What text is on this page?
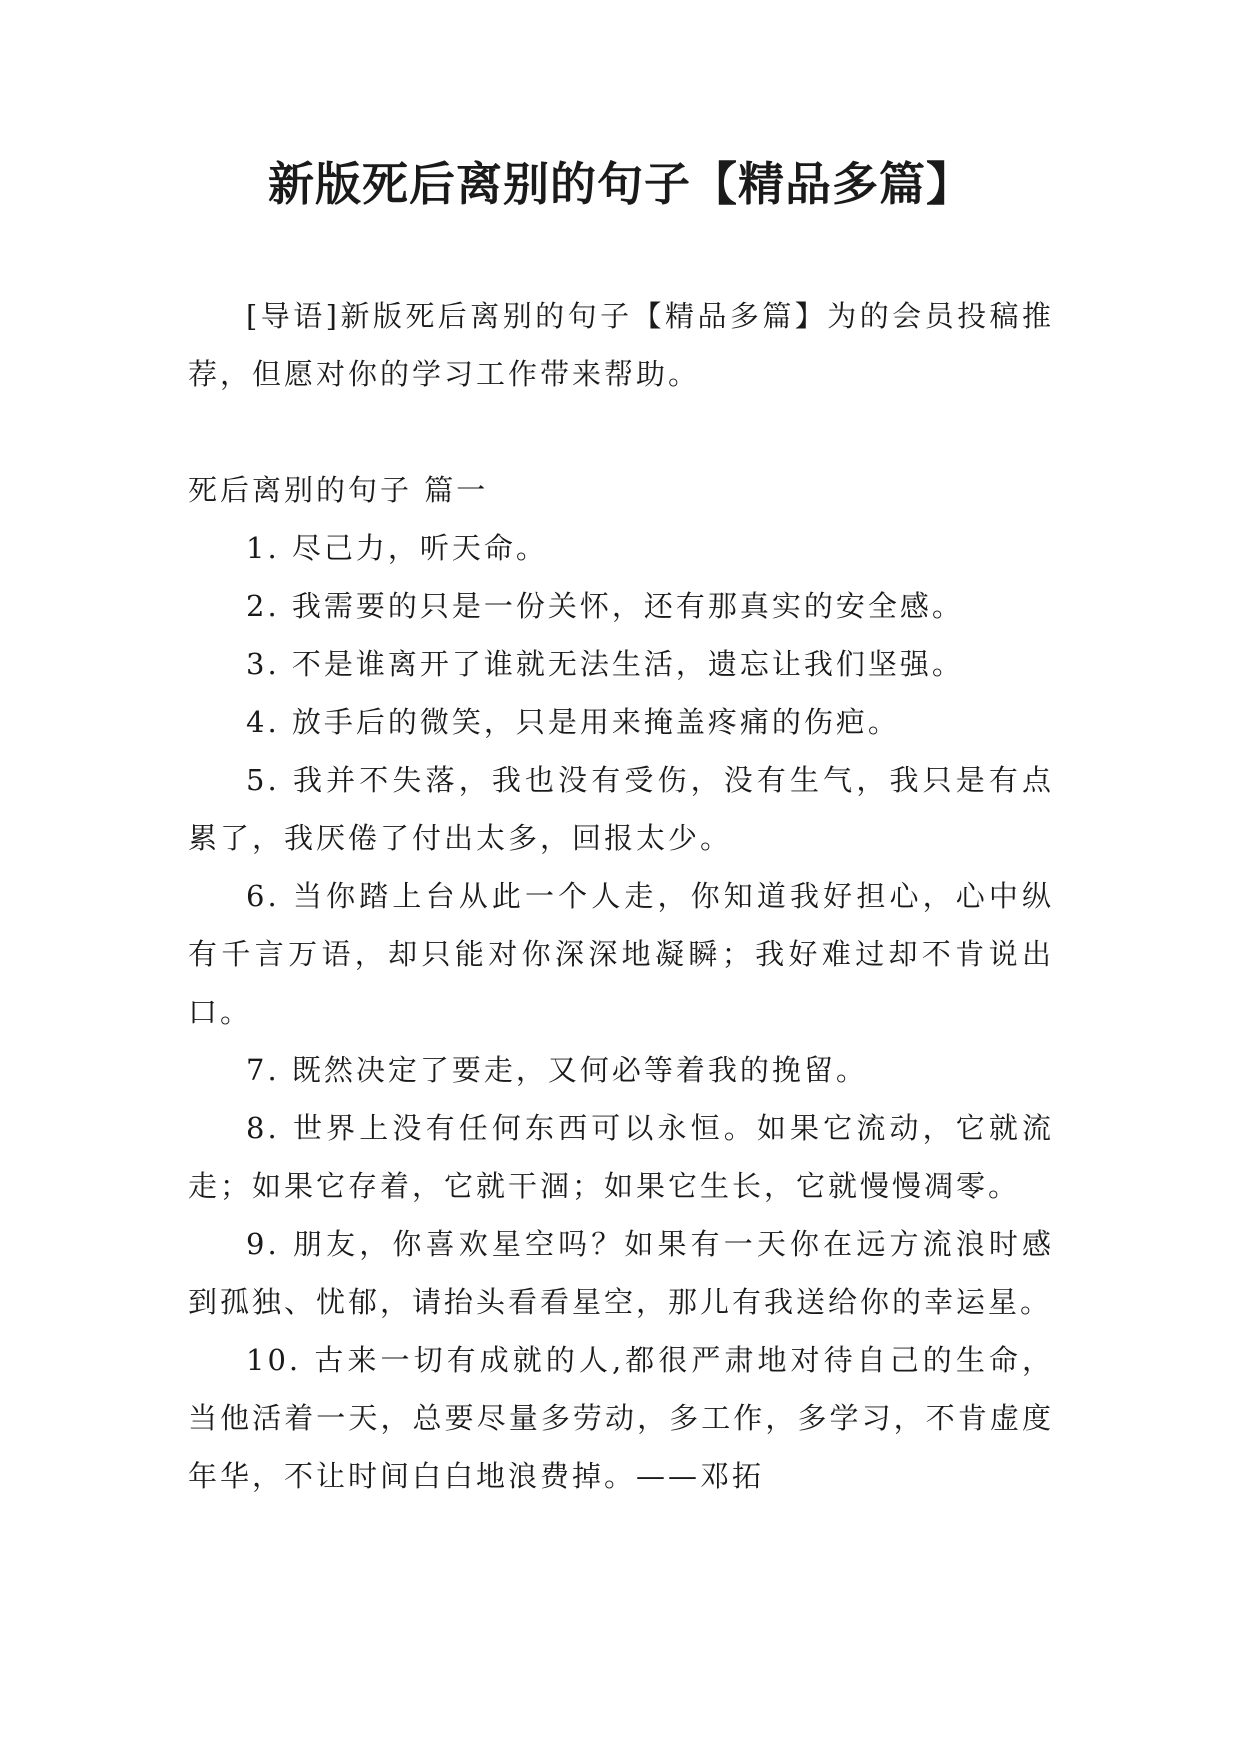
新版死后离别的句子【精品多篇】

[导语]新版死后离别的句子【精品多篇】为的会员投稿推荐，但愿对你的学习工作带来帮助。

死后离别的句子 篇一

1. 尽己力，听天命。

2. 我需要的只是一份关怀，还有那真实的安全感。

3. 不是谁离开了谁就无法生活，遗忘让我们坚强。

4. 放手后的微笑，只是用来掩盖疼痛的伤疤。

5. 我并不失落，我也没有受伤，没有生气，我只是有点累了，我厌倦了付出太多，回报太少。

6. 当你踏上台从此一个人走，你知道我好担心，心中纵有千言万语，却只能对你深深地凝瞬；我好难过却不肯说出口。

7. 既然决定了要走，又何必等着我的挽留。

8. 世界上没有任何东西可以永恒。如果它流动，它就流走；如果它存着，它就干涸；如果它生长，它就慢慢凋零。

9. 朋友，你喜欢星空吗？如果有一天你在远方流浪时感到孤独、忧郁，请抬头看看星空，那儿有我送给你的幸运星。

10. 古来一切有成就的人,都很严肃地对待自己的生命，当他活着一天，总要尽量多劳动，多工作，多学习，不肯虚度年华，不让时间白白地浪费掉。——邓拓
